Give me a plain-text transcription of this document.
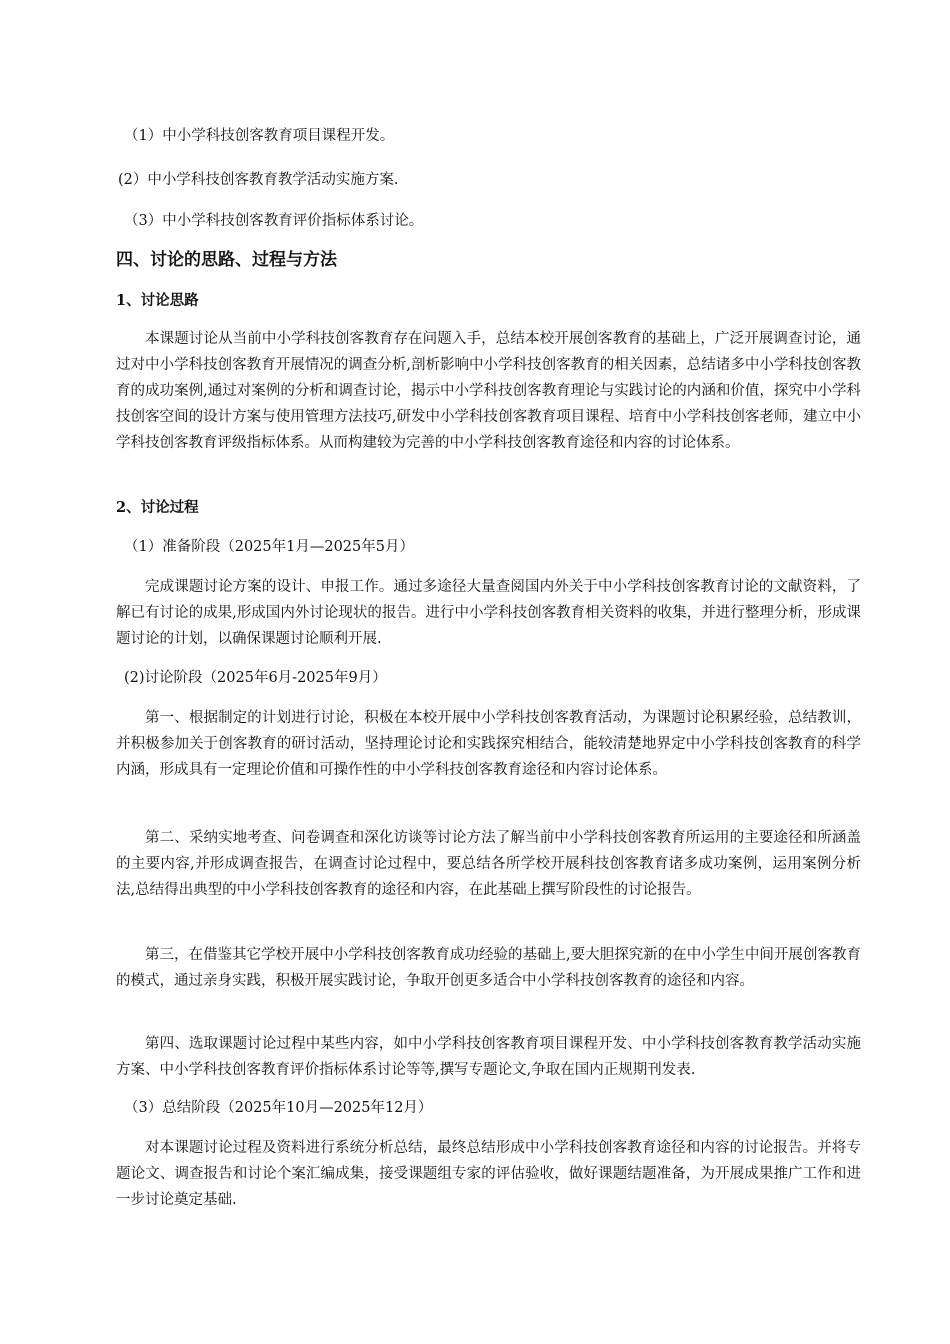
（1）中小学科技创客教育项目课程开发。
(2）中小学科技创客教育教学活动实施方案.
（3）中小学科技创客教育评价指标体系讨论。
四、讨论的思路、过程与方法
1、讨论思路
本课题讨论从当前中小学科技创客教育存在问题入手，总结本校开展创客教育的基础上，广泛开展调查讨论，通过对中小学科技创客教育开展情况的调查分析,剖析影响中小学科技创客教育的相关因素，总结诸多中小学科技创客教育的成功案例,通过对案例的分析和调查讨论，揭示中小学科技创客教育理论与实践讨论的内涵和价值，探究中小学科技创客空间的设计方案与使用管理方法技巧,研发中小学科技创客教育项目课程、培育中小学科技创客老师，建立中小学科技创客教育评级指标体系。从而构建较为完善的中小学科技创客教育途径和内容的讨论体系。
2、讨论过程
（1）准备阶段（2025年1月—2025年5月）
完成课题讨论方案的设计、申报工作。通过多途径大量查阅国内外关于中小学科技创客教育讨论的文献资料，了解已有讨论的成果,形成国内外讨论现状的报告。进行中小学科技创客教育相关资料的收集，并进行整理分析，形成课题讨论的计划，以确保课题讨论顺利开展.
(2)讨论阶段（2025年6月-2025年9月）
第一、根据制定的计划进行讨论，积极在本校开展中小学科技创客教育活动，为课题讨论积累经验，总结教训，并积极参加关于创客教育的研讨活动，坚持理论讨论和实践探究相结合，能较清楚地界定中小学科技创客教育的科学内涵，形成具有一定理论价值和可操作性的中小学科技创客教育途径和内容讨论体系。
第二、采纳实地考查、问卷调查和深化访谈等讨论方法了解当前中小学科技创客教育所运用的主要途径和所涵盖的主要内容,并形成调查报告，在调查讨论过程中，要总结各所学校开展科技创客教育诸多成功案例，运用案例分析法,总结得出典型的中小学科技创客教育的途径和内容，在此基础上撰写阶段性的讨论报告。
第三，在借鉴其它学校开展中小学科技创客教育成功经验的基础上,要大胆探究新的在中小学生中间开展创客教育的模式，通过亲身实践，积极开展实践讨论，争取开创更多适合中小学科技创客教育的途径和内容。
第四、选取课题讨论过程中某些内容，如中小学科技创客教育项目课程开发、中小学科技创客教育教学活动实施方案、中小学科技创客教育评价指标体系讨论等等,撰写专题论文,争取在国内正规期刊发表.
（3）总结阶段（2025年10月—2025年12月）
对本课题讨论过程及资料进行系统分析总结，最终总结形成中小学科技创客教育途径和内容的讨论报告。并将专题论文、调查报告和讨论个案汇编成集，接受课题组专家的评估验收，做好课题结题准备，为开展成果推广工作和进一步讨论奠定基础.
